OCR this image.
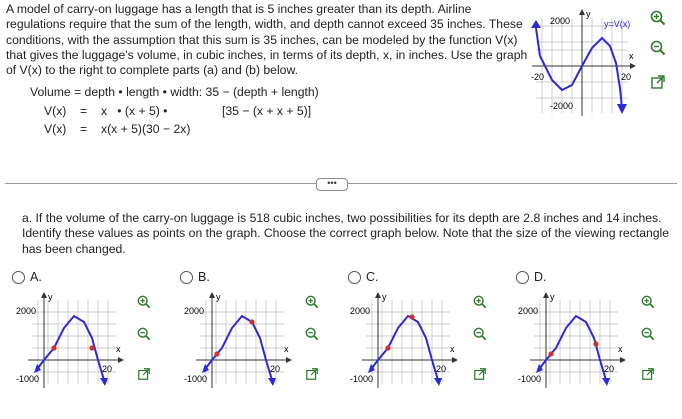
A model of carry-on luggage has a length that is 5 inches greater than its depth. Airline regulations require that the sum of the length, width, and depth cannot exceed 35 inches. These conditions, with the assumption that this sum is 35 inches, can be modeled by the function V(x) that gives the luggage's volume, in cubic inches, in terms of its depth, x, in inches. Use the graph of V(x) to the right to complete parts (a) and (b) below.
Volume = depth • length • width: 35 − (depth + length)
V(x) = x   • (x + 5) •	[35 − (x + x + 5)]
V(x) = x(x + 5)(30 − 2x)
2000
-2000
-20	20
x
y
y=V(x)
•••
a. If the volume of the carry-on luggage is 518 cubic inches, two possibilities for its depth are 2.8 inches and 14 inches. Identify these values as points on the graph. Choose the correct graph below. Note that the size of the viewing rectangle has been changed.
A.
2000
-1000
20
x
y
B.
2000
-1000
20
x
y
C.
2000
-1000
20
x
y
D.
2000
-1000
20
x
y
